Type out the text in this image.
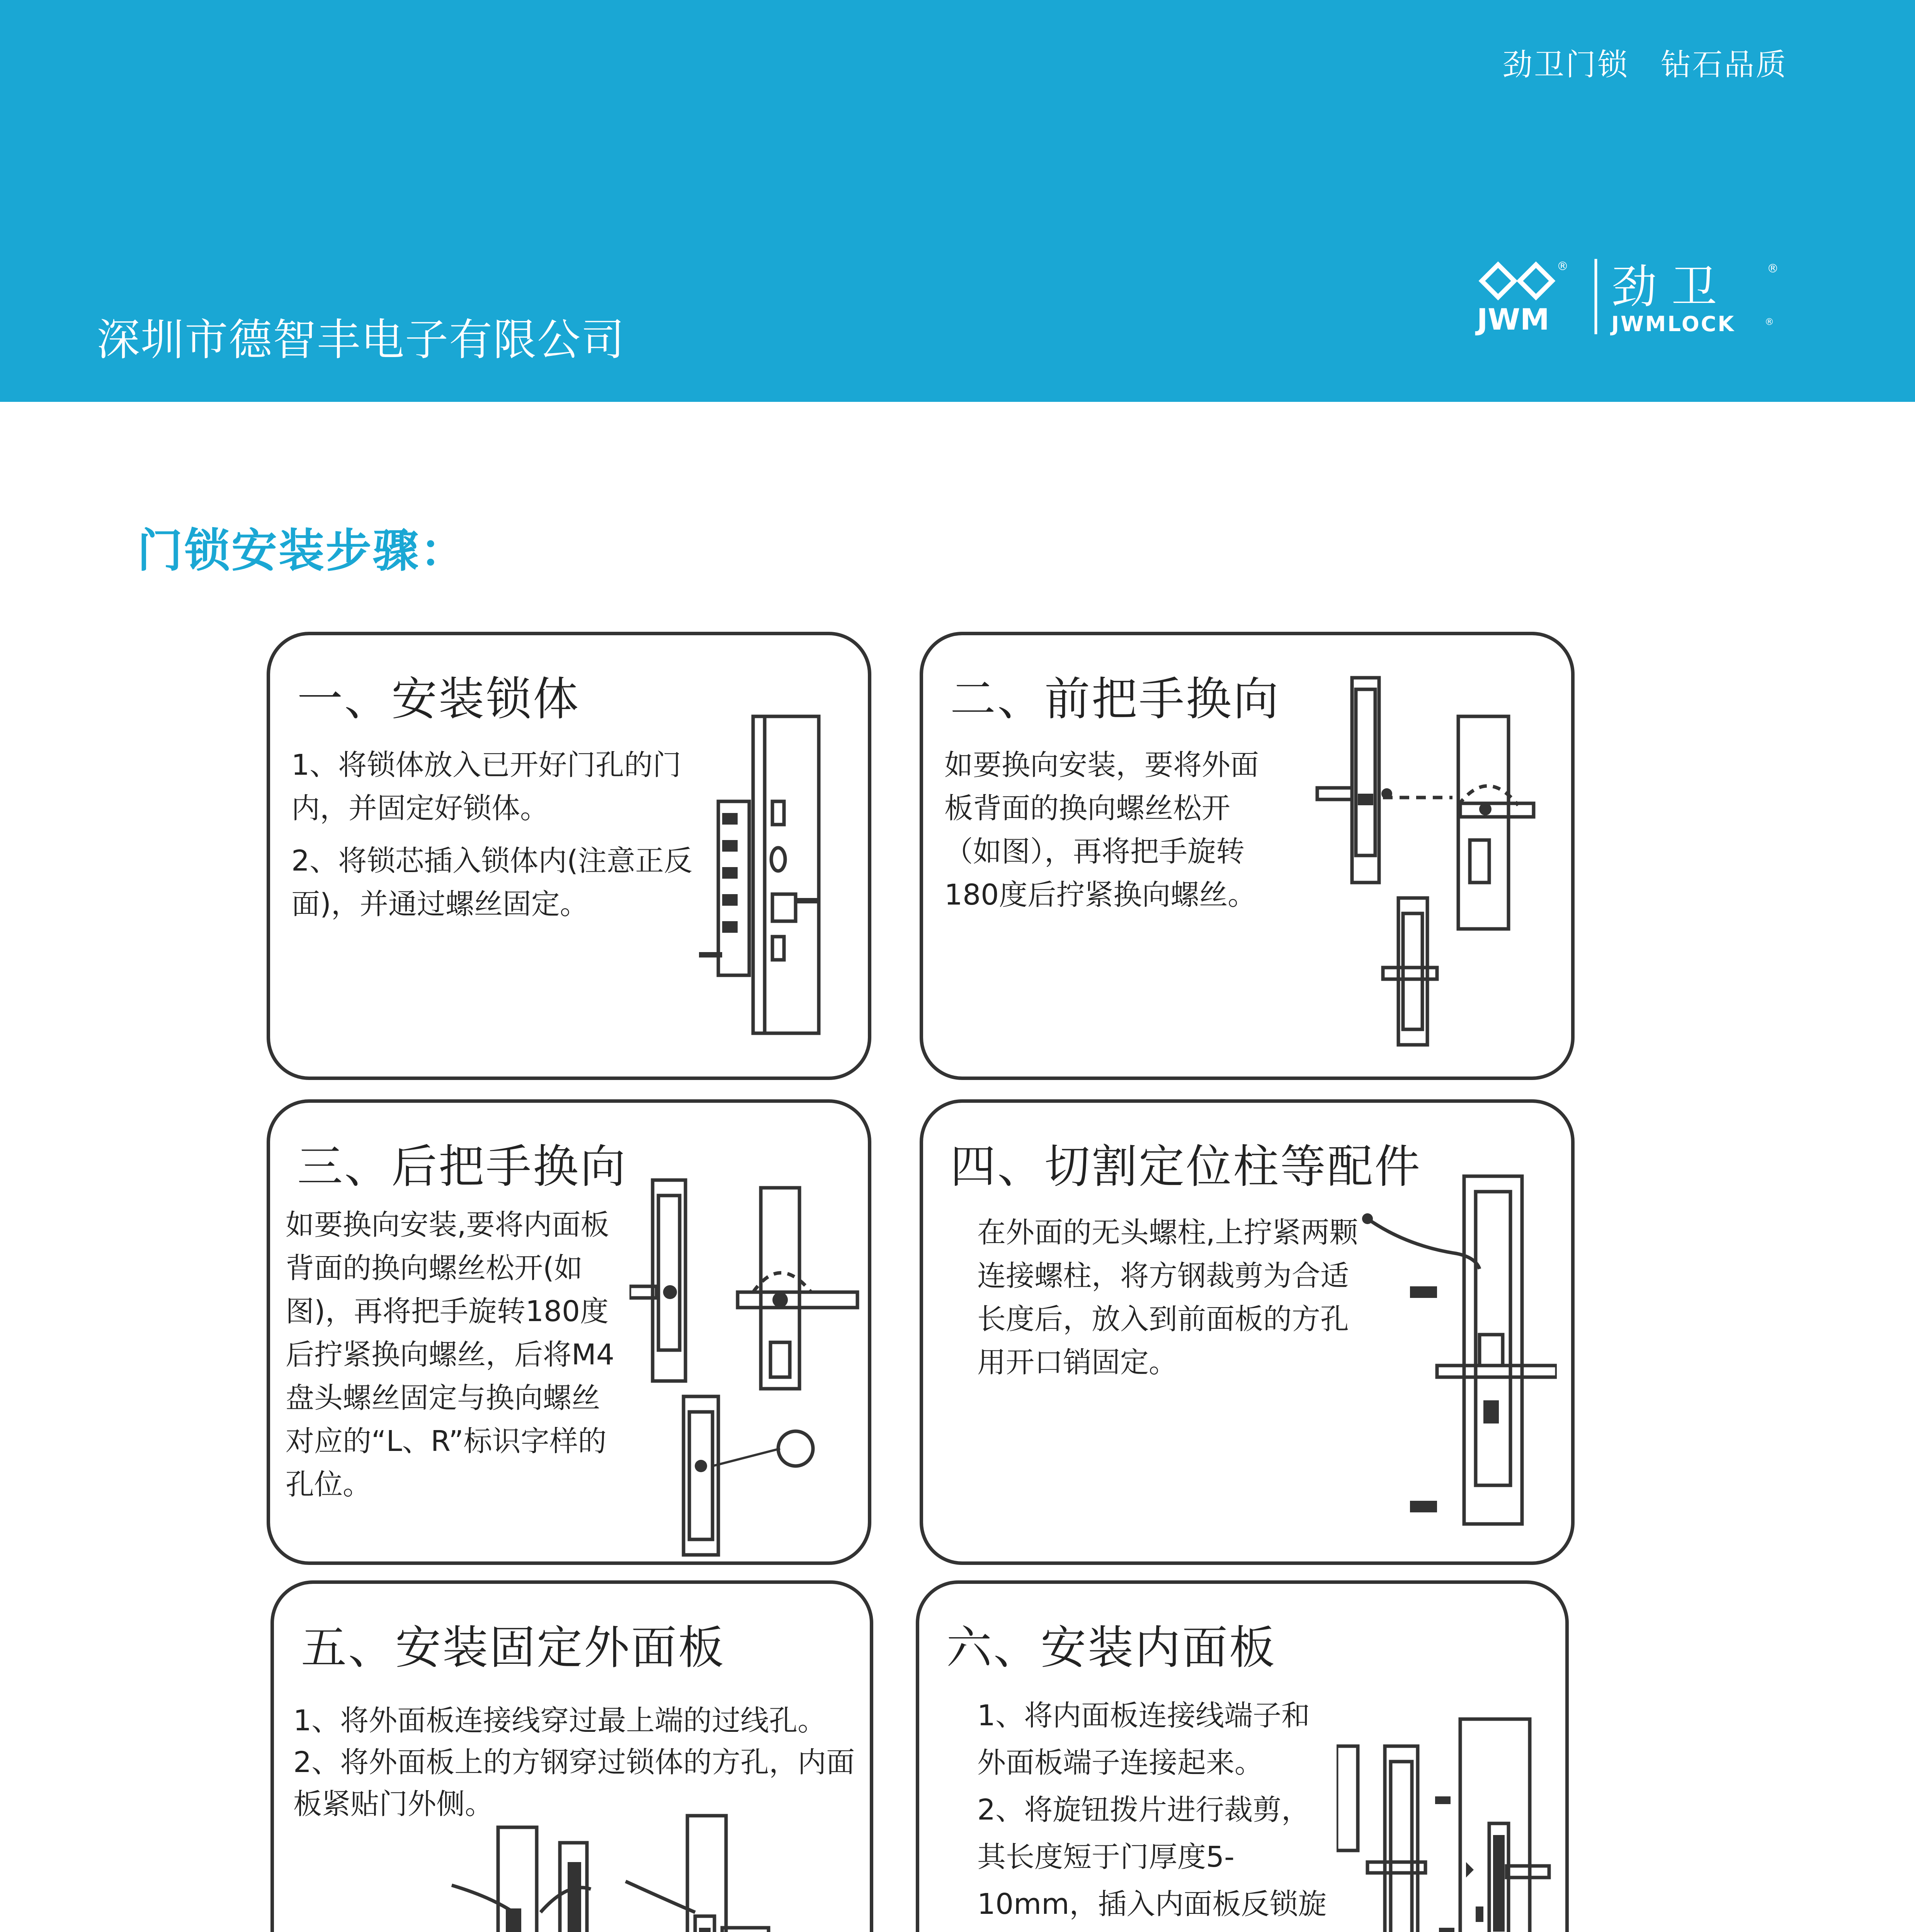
劲卫门锁　钻石品质
深圳市德智丰电子有限公司	JWM
® 劲 卫	®
JWMLOCK	®
门锁安装步骤：
一、安装锁体

1、将锁体放入已开好门孔的门内，并固定好锁体。

2、将锁芯插入锁体内(注意正反面)，并通过螺丝固定。

二、前把手换向

如要换向安装，要将外面板背面的换向螺丝松开（如图），再将把手旋转180度后拧紧换向螺丝。

三、后把手换向

如要换向安装,要将内面板背面的换向螺丝松开(如图)，再将把手旋转180度后拧紧换向螺丝，后将M4盘头螺丝固定与换向螺丝对应的“L、R”标识字样的孔位。

四、切割定位柱等配件

在外面的无头螺柱,上拧紧两颗连接螺柱，将方钢裁剪为合适长度后，放入到前面板的方孔用开口销固定。

五、安装固定外面板

1、将外面板连接线穿过最上端的过线孔。

2、将外面板上的方钢穿过锁体的方孔，内面板紧贴门外侧。

六、安装内面板

1、将内面板连接线端子和外面板端子连接起来。

2、将旋钮拨片进行裁剪，其长度短于门厚度5-10mm，插入内面板反锁旋
